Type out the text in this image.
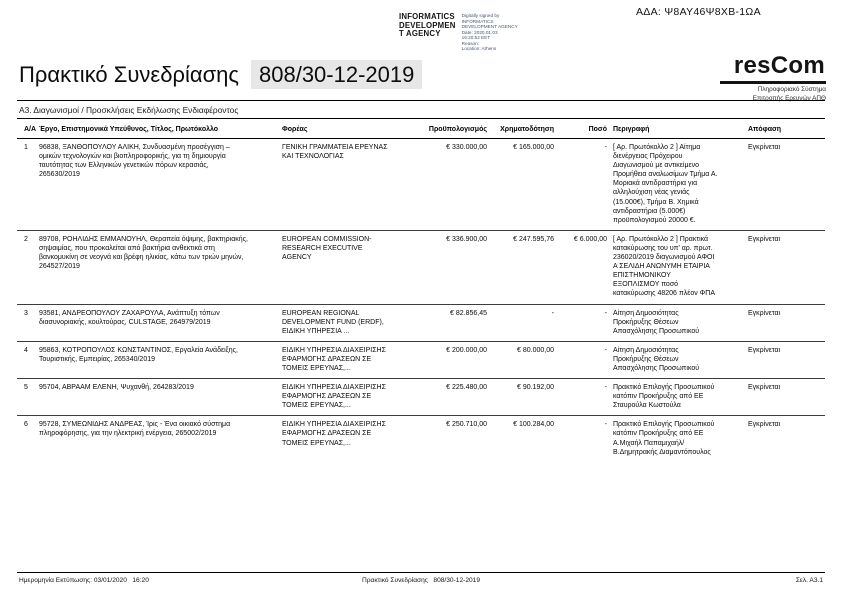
ΑΔΑ: Ψ8ΑΥ46Ψ8ΧΒ-1ΩΑ
INFORMATICS
DEVELOPMEN
T AGENCY
Digitally signed by
INFORMATICS
DEVELOPMENT AGENCY
Date: 2020.01.03
16:20:52 EET
Reason:
Location: Athens
Πρακτικό Συνεδρίασης 808/30-12-2019	resCom
Πληροφοριακό Σύστημα
Επιτροπής Ερευνών ΑΠΘ
Α3. Διαγωνισμοί / Προσκλήσεις Εκδήλωσης Ενδιαφέροντος
Α/Α	Έργο, Επιστημονικά Υπεύθυνος, Τίτλος, Πρωτόκολλο	Φορέας	Προϋπολογισμός	Χρηματοδότηση	Ποσό	Περιγραφή	Απόφαση
1	96838, ΞΑΝΘΟΠΟΥΛΟΥ ΑΛΙΚΗ, Συνδυασμένη προσέγγιση – ομικών τεχνολογιών και βιοπληροφορικής, για τη δημιουργία ταυτότητας των Ελληνικών γενετικών πόρων κερασιάς, 265630/2019	ΓΕΝΙΚΗ ΓΡΑΜΜΑΤΕΙΑ ΕΡΕΥΝΑΣ ΚΑΙ ΤΕΧΝΟΛΟΓΙΑΣ	€ 330.000,00	€ 165.000,00	-	[ Αρ. Πρωτόκολλο 2 ] Αίτημα διενέργειας Πρόχειρου Διαγωνισμού με αντικείμενο Προμήθεια αναλωσίμων Τμήμα Α. Μοριακά αντιδραστήρια για αλληλούχιση νέας γενιάς (15.000€), Τμήμα Β. Χημικά αντιδραστήρια (5.000€) προϋπολογισμού 20000 €.	Εγκρίνεται
2	89708, ΡΟΗΛΙΔΗΣ ΕΜΜΑΝΟΥΗΛ, Θεραπεία όψιμης, βακτηριακής, σηψαιμίας, που προκαλείται από βακτήρια ανθεκτικά στη βανκομυκίνη σε νεογνά και βρέφη ηλικίας, κάτω των τριών μηνών, 264527/2019	EUROPEAN COMMISSION-RESEARCH EXECUTIVE AGENCY	€ 336.900,00	€ 247.595,76	€ 6.000,00	[ Αρ. Πρωτόκολλο 2 ] Πρακτικά κατακύρωσης του υπ' αρ. πρωτ. 236020/2019 διαγωνισμού ΑΦΟΙ Α ΣΕΛΙΔΗ ΑΝΩΝΥΜΗ ΕΤΑΙΡΙΑ ΕΠΙΣΤΗΜΟΝΙΚΟΥ ΕΞΟΠΛΙΣΜΟΥ ποσό κατακύρωσης 48206 πλέον ΦΠΑ	Εγκρίνεται
3	93581, ΑΝΔΡΕΟΠΟΥΛΟΥ ΖΑΧΑΡΟΥΛΑ, Ανάπτυξη τόπων διασυνοριακής, κουλτούρας, CULSTAGE, 264979/2019	EUROPEAN REGIONAL DEVELOPMENT FUND (ERDF), ΕΙΔΙΚΗ ΥΠΗΡΕΣΙΑ ...	€ 82.856,45	-	-	Αίτηση Δημοσιότητας Προκήρυξης Θέσεων Απασχόλησης Προσωπικού	Εγκρίνεται
4	95863, ΚΟΤΡΟΠΟΥΛΟΣ ΚΩΝΣΤΑΝΤΙΝΟΣ, Εργαλεία Ανάδειξης, Τουριστικής, Εμπειρίας, 265340/2019	ΕΙΔΙΚΗ ΥΠΗΡΕΣΙΑ ΔΙΑΧΕΙΡΙΣΗΣ ΕΦΑΡΜΟΓΗΣ ΔΡΑΣΕΩΝ ΣΕ ΤΟΜΕΙΣ ΕΡΕΥΝΑΣ,...	€ 200.000,00	€ 80.000,00	-	Αίτηση Δημοσιότητας Προκήρυξης Θέσεων Απασχόλησης Προσωπικού	Εγκρίνεται
5	95704, ΑΒΡΑΑΜ ΕΛΕΝΗ, Ψυχανθή, 264283/2019	ΕΙΔΙΚΗ ΥΠΗΡΕΣΙΑ ΔΙΑΧΕΙΡΙΣΗΣ ΕΦΑΡΜΟΓΗΣ ΔΡΑΣΕΩΝ ΣΕ ΤΟΜΕΙΣ ΕΡΕΥΝΑΣ,...	€ 225.480,00	€ 90.192,00	-	Πρακτικό Επιλογής Προσωπικού κατόπιν Προκήρυξης από ΕΕ Σταυρούλα Κωστούλα	Εγκρίνεται
6	95728, ΣΥΜΕΩΝΙΔΗΣ ΑΝΔΡΕΑΣ, Ίρις - Ένα οικιακό σύστημα πληροφόρησης, για την ηλεκτρική ενέργεια, 265002/2019	ΕΙΔΙΚΗ ΥΠΗΡΕΣΙΑ ΔΙΑΧΕΙΡΙΣΗΣ ΕΦΑΡΜΟΓΗΣ ΔΡΑΣΕΩΝ ΣΕ ΤΟΜΕΙΣ ΕΡΕΥΝΑΣ,...	€ 250.710,00	€ 100.284,00	-	Πρακτικό Επιλογής Προσωπικού κατόπιν Προκήρυξης από ΕΕ Α.Μιχαήλ Παπαμιχαήλ/Β.Δημητρακής Διαμαντόπουλος	Εγκρίνεται
Ημερομηνία Εκτύπωσης: 03/01/2020   16:20	Πρακτικό Συνεδρίασης   808/30-12-2019	Σελ. Α3.1
